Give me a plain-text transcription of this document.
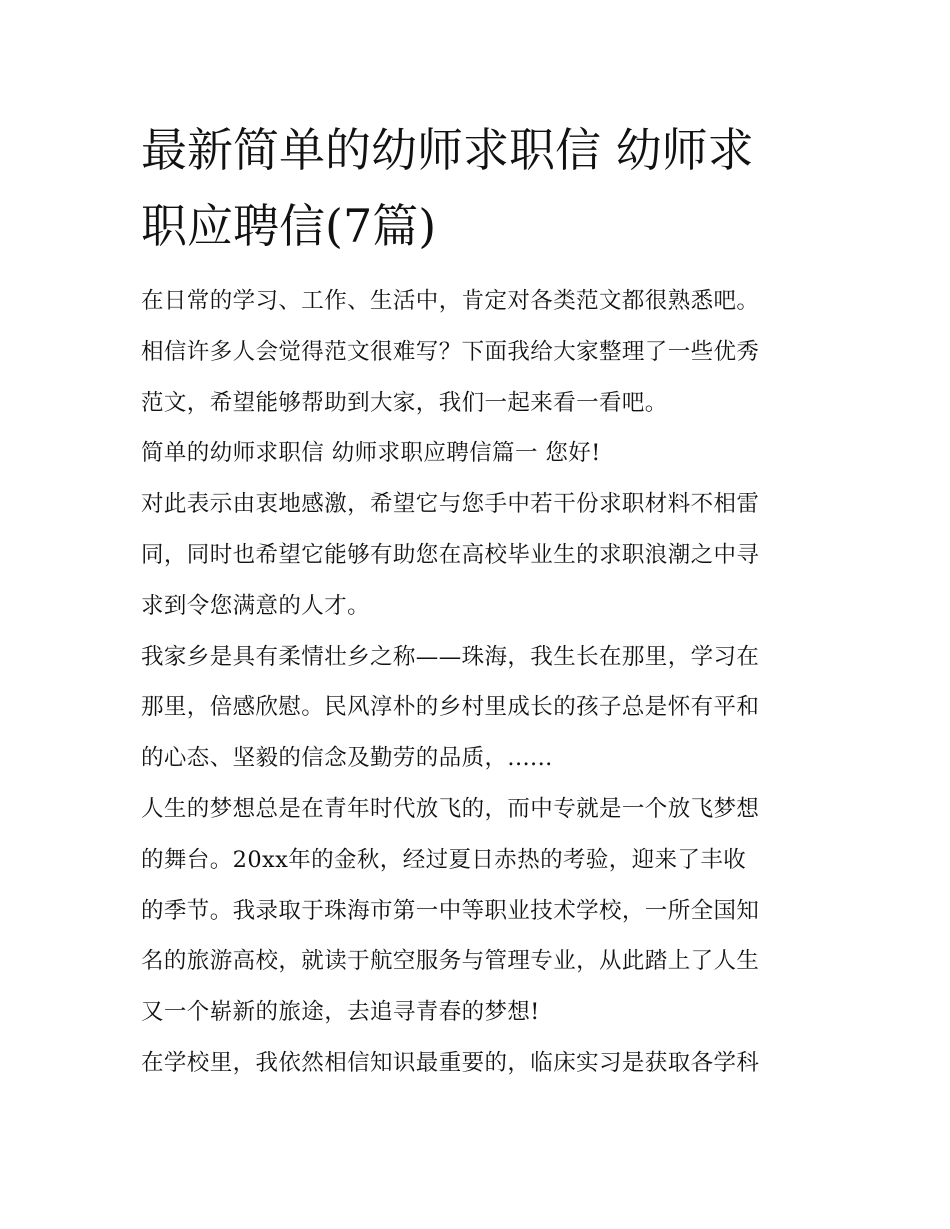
最新简单的幼师求职信 幼师求
职应聘信(7篇)
在日常的学习、工作、生活中，肯定对各类范文都很熟悉吧。
相信许多人会觉得范文很难写？下面我给大家整理了一些优秀
范文，希望能够帮助到大家，我们一起来看一看吧。
简单的幼师求职信 幼师求职应聘信篇一 您好!
对此表示由衷地感激，希望它与您手中若干份求职材料不相雷
同，同时也希望它能够有助您在高校毕业生的求职浪潮之中寻
求到令您满意的人才。
我家乡是具有柔情壮乡之称——珠海，我生长在那里，学习在
那里，倍感欣慰。民风淳朴的乡村里成长的孩子总是怀有平和
的心态、坚毅的信念及勤劳的品质，......
人生的梦想总是在青年时代放飞的，而中专就是一个放飞梦想
的舞台。20xx年的金秋，经过夏日赤热的考验，迎来了丰收
的季节。我录取于珠海市第一中等职业技术学校，一所全国知
名的旅游高校，就读于航空服务与管理专业，从此踏上了人生
又一个崭新的旅途，去追寻青春的梦想!
在学校里，我依然相信知识最重要的，临床实习是获取各学科
